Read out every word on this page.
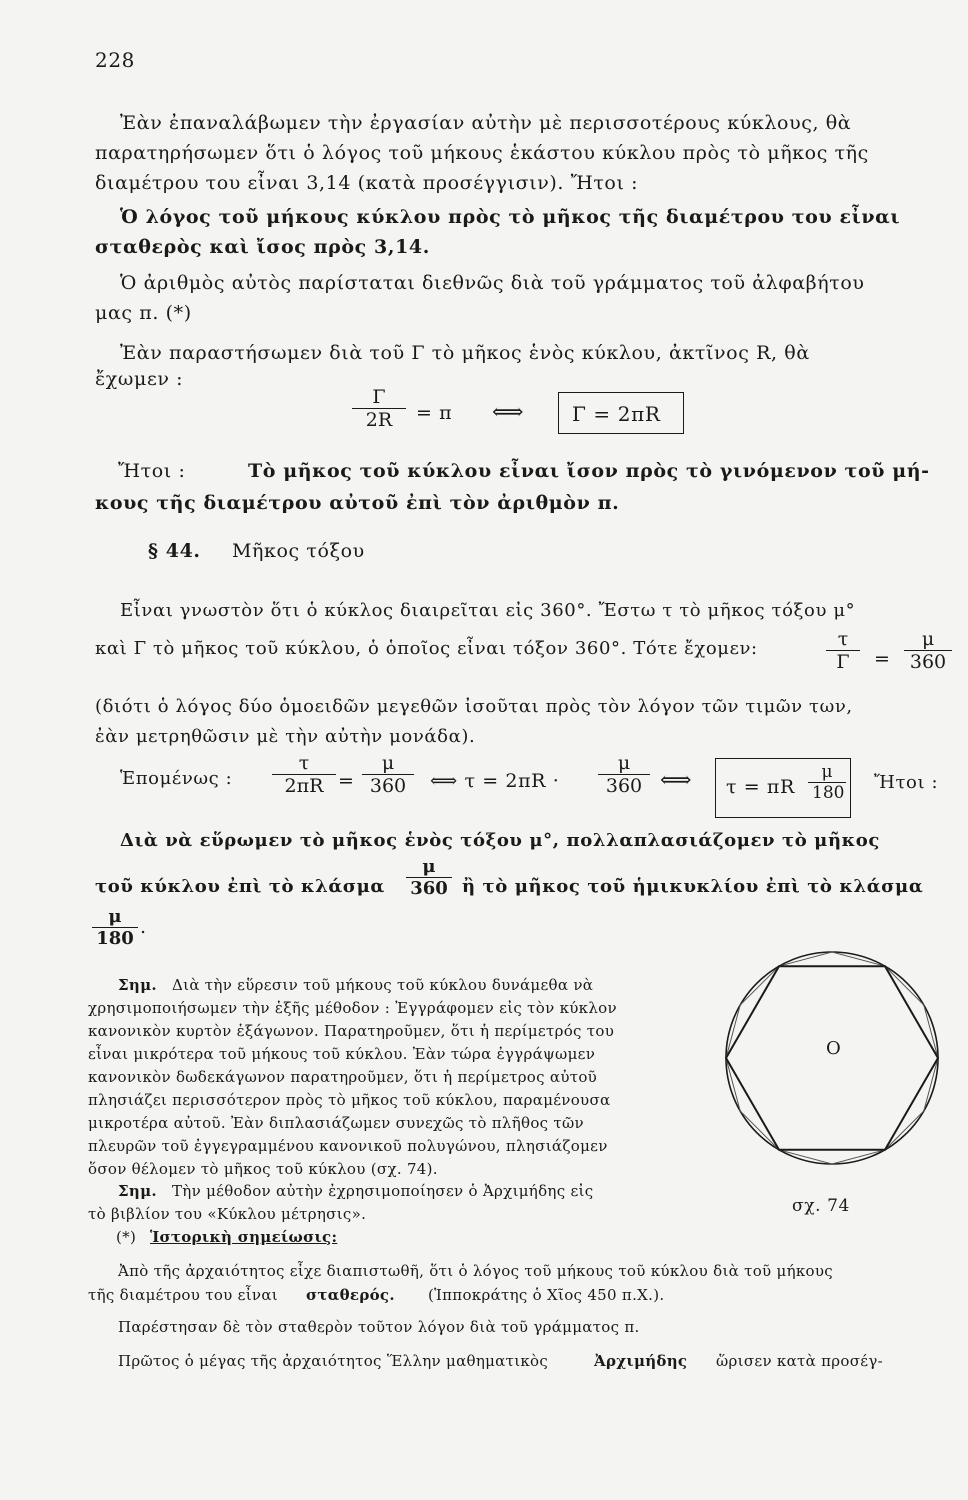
228
Ἐὰν ἐπαναλάβωμεν τὴν ἐργασίαν αὐτὴν μὲ περισσοτέρους κύκλους, θὰ
παρατηρήσωμεν ὅτι ὁ λόγος τοῦ μήκους ἑκάστου κύκλου πρὸς τὸ μῆκος τῆς
διαμέτρου του εἶναι 3,14 (κατὰ προσέγγισιν). Ἤτοι :
Ὁ λόγος τοῦ μήκους κύκλου πρὸς τὸ μῆκος τῆς διαμέτρου του εἶναι
σταθερὸς καὶ ἴσος πρὸς 3,14.
Ὁ ἀριθμὸς αὐτὸς παρίσταται διεθνῶς διὰ τοῦ γράμματος τοῦ ἀλφαβήτου
μας π. (*)
Ἐὰν παραστήσωμεν διὰ τοῦ Γ τὸ μῆκος ἑνὸς κύκλου, ἀκτῖνος R, θὰ
ἔχωμεν :
$\frac{\Gamma}{2R} = \pi$ ⟺ Γ = 2πR
Ἤτοι :	Τὸ μῆκος τοῦ κύκλου εἶναι ἴσον πρὸς τὸ γινόμενον τοῦ μή-
κους τῆς διαμέτρου αὐτοῦ ἐπὶ τὸν ἀριθμὸν π.
§ 44. Μῆκος τόξου
Εἶναι γνωστὸν ὅτι ὁ κύκλος διαιρεῖται εἰς 360°. Ἔστω τ τὸ μῆκος τόξου μ°
καὶ Γ τὸ μῆκος τοῦ κύκλου, ὁ ὁποῖος εἶναι τόξον 360°. Τότε ἔχομεν:	$\frac{\tau}{\Gamma} = \frac{\mu}{360}$
(διότι ὁ λόγος δύο ὁμοειδῶν μεγεθῶν ἰσοῦται πρὸς τὸν λόγον τῶν τιμῶν των,
ἐὰν μετρηθῶσιν μὲ τὴν αὐτὴν μονάδα).
Ἑπομένως : $\frac{\tau}{2\pi R} = \frac{\mu}{360}$ ⟺ $\tau = 2\pi R \cdot \frac{\mu}{360}$ ⟺ τ = πR $\frac{\mu}{180}$ Ἤτοι :
Διὰ νὰ εὕρωμεν τὸ μῆκος ἑνὸς τόξου μ°, πολλαπλασιάζομεν τὸ μῆκος
τοῦ κύκλου ἐπὶ τὸ κλάσμα $\frac{\mu}{360}$ ἢ τὸ μῆκος τοῦ ἡμικυκλίου ἐπὶ τὸ κλάσμα
$\frac{\mu}{180}$ .
Σημ. Διὰ τὴν εὕρεσιν τοῦ μήκους τοῦ κύκλου δυνάμεθα νὰ
χρησιμοποιήσωμεν τὴν ἑξῆς μέθοδον : Ἐγγράφομεν εἰς τὸν κύκλον
κανονικὸν κυρτὸν ἑξάγωνον. Παρατηροῦμεν, ὅτι ἡ περίμετρός του
εἶναι μικρότερα τοῦ μήκους τοῦ κύκλου. Ἐὰν τώρα ἐγγράψωμεν
κανονικὸν δωδεκάγωνον παρατηροῦμεν, ὅτι ἡ περίμετρος αὐτοῦ
πλησιάζει περισσότερον πρὸς τὸ μῆκος τοῦ κύκλου, παραμένουσα
μικροτέρα αὐτοῦ. Ἐὰν διπλασιάζωμεν συνεχῶς τὸ πλῆθος τῶν
πλευρῶν τοῦ ἐγγεγραμμένου κανονικοῦ πολυγώνου, πλησιάζομεν
ὅσον θέλομεν τὸ μῆκος τοῦ κύκλου (σχ. 74).
Σημ. Τὴν μέθοδον αὐτὴν ἐχρησιμοποίησεν ὁ Ἀρχιμήδης εἰς
τὸ βιβλίον του «Κύκλου μέτρησις».
Ο
σχ. 74
(*) Ἱστορικὴ σημείωσις:
Ἀπὸ τῆς ἀρχαιότητος εἶχε διαπιστωθῆ, ὅτι ὁ λόγος τοῦ μήκους τοῦ κύκλου διὰ τοῦ μήκους
τῆς διαμέτρου του εἶναι σταθερός. (Ἱπποκράτης ὁ Χῖος 450 π.Χ.).
Παρέστησαν δὲ τὸν σταθερὸν τοῦτον λόγον διὰ τοῦ γράμματος π.
Πρῶτος ὁ μέγας τῆς ἀρχαιότητος Ἕλλην μαθηματικὸς	Ἀρχιμήδης ὥρισεν κατὰ προσέγ-
